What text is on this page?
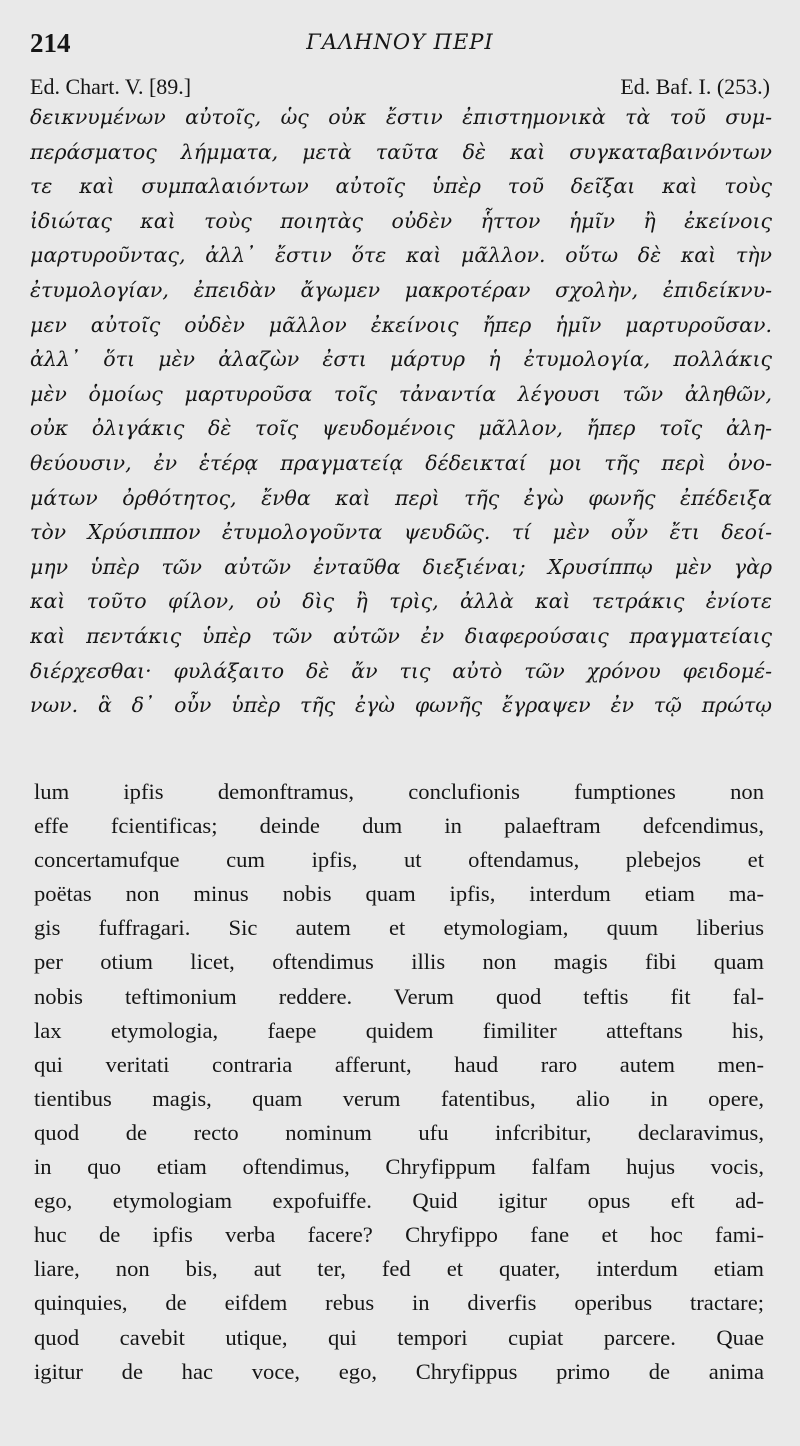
214	ΓΑΛΗΝΟΥ ΠΕΡΙ
Ed. Chart. V. [89.]	Ed. Baf. I. (253.)
δεικνυμένων αὐτοῖς, ὡς οὐκ ἔστιν ἐπιστημονικὰ τὰ τοῦ συμ-
περάσματος λήμματα, μετὰ ταῦτα δὲ καὶ συγκαταβαινόντων
τε καὶ συμπαλαιόντων αὐτοῖς ὑπὲρ τοῦ δεῖξαι καὶ τοὺς
ἰδιώτας καὶ τοὺς ποιητὰς οὐδὲν ἧττον ἡμῖν ἢ ἐκείνοις
μαρτυροῦντας, ἀλλ᾽ ἔστιν ὅτε καὶ μᾶλλον. οὕτω δὲ καὶ τὴν
ἐτυμολογίαν, ἐπειδὰν ἄγωμεν μακροτέραν σχολὴν, ἐπιδείκνυ-
μεν αὐτοῖς οὐδὲν μᾶλλον ἐκείνοις ἤπερ ἡμῖν μαρτυροῦσαν.
ἀλλ᾽ ὅτι μὲν ἀλαζὼν ἐστι μάρτυρ ἡ ἐτυμολογία, πολλάκις
μὲν ὁμοίως μαρτυροῦσα τοῖς τἀναντία λέγουσι τῶν ἀληθῶν,
οὐκ ὀλιγάκις δὲ τοῖς ψευδομένοις μᾶλλον, ἤπερ τοῖς ἀλη-
θεύουσιν, ἐν ἑτέρᾳ πραγματείᾳ δέδεικταί μοι τῆς περὶ ὀνο-
μάτων ὀρθότητος, ἔνθα καὶ περὶ τῆς ἐγὼ φωνῆς ἐπέδειξα
τὸν Χρύσιππον ἐτυμολογοῦντα ψευδῶς. τί μὲν οὖν ἔτι δεοί-
μην ὑπὲρ τῶν αὐτῶν ἐνταῦθα διεξιέναι; Χρυσίππῳ μὲν γὰρ
καὶ τοῦτο φίλον, οὐ δὶς ἢ τρὶς, ἀλλὰ καὶ τετράκις ἐνίοτε
καὶ πεντάκις ὑπὲρ τῶν αὐτῶν ἐν διαφερούσαις πραγματείαις
διέρχεσθαι· φυλάξαιτο δὲ ἄν τις αὐτὸ τῶν χρόνου φειδομέ-
νων. ἃ δ᾽ οὖν ὑπὲρ τῆς ἐγὼ φωνῆς ἔγραψεν ἐν τῷ πρώτῳ
lum ipfis demonftramus, conclufionis fumptiones non
effe fcientificas; deinde dum in palaeftram defcendimus,
concertamufque cum ipfis, ut oftendamus, plebejos et
poëtas non minus nobis quam ipfis, interdum etiam ma-
gis fuffragari. Sic autem et etymologiam, quum liberius
per otium licet, oftendimus illis non magis fibi quam
nobis teftimonium reddere. Verum quod teftis fit fal-
lax etymologia, faepe quidem fimiliter atteftans his,
qui veritati contraria afferunt, haud raro autem men-
tientibus magis, quam verum fatentibus, alio in opere,
quod de recto nominum ufu infcribitur, declaravimus,
in quo etiam oftendimus, Chryfippum falfam hujus vocis,
ego, etymologiam expofuiffe. Quid igitur opus eft ad-
huc de ipfis verba facere? Chryfippo fane et hoc fami-
liare, non bis, aut ter, fed et quater, interdum etiam
quinquies, de eifdem rebus in diverfis operibus tractare;
quod cavebit utique, qui tempori cupiat parcere. Quae
igitur de hac voce, ego, Chryfippus primo de anima
